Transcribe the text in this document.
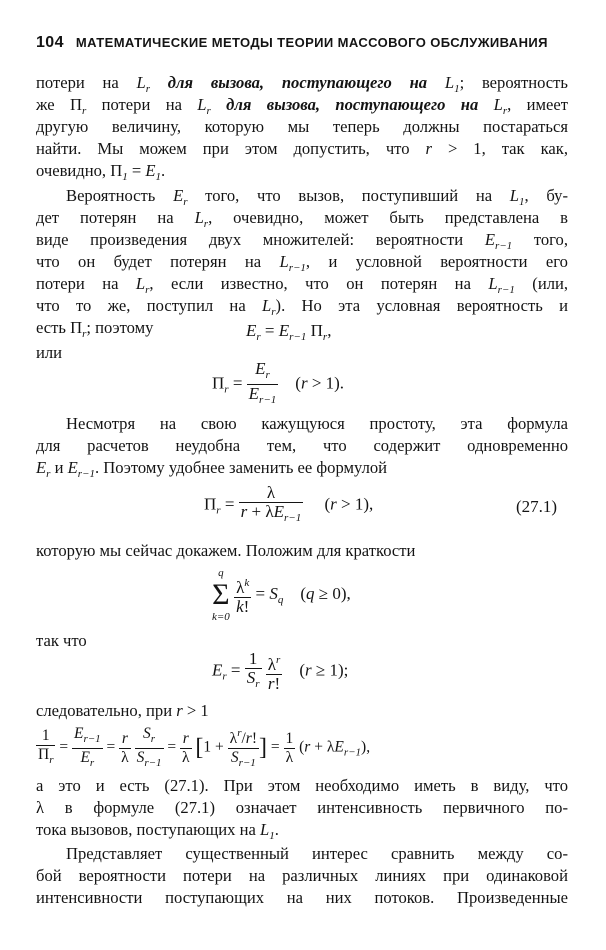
104 МАТЕМАТИЧЕСКИЕ МЕТОДЫ ТЕОРИИ МАССОВОГО ОБСЛУЖИВАНИЯ
потери на $L_r$ для вызова, поступающего на $L_1$; вероятность
же $\Pi_r$ потери на $L_r$ для вызова, поступающего на $L_r$, имеет
другую величину, которую мы теперь должны постараться
найти. Мы можем при этом допустить, что r > 1, так как,
очевидно, $\Pi_1 = E_1$.
Вероятность $E_r$ того, что вызов, поступивший на $L_1$, бу-
дет потерян на $L_r$, очевидно, может быть представлена в
виде произведения двух множителей: вероятности $E_{r-1}$ того,
что он будет потерян на $L_{r-1}$, и условной вероятности его
потери на $L_r$, если известно, что он потерян на $L_{r-1}$ (или,
что то же, поступил на $L_r$). Но эта условная вероятность и
есть $\Pi_r$; поэтому	$E_r = E_{r-1}$ $\Pi_r$,
или
$\Pi_r = \frac{E_r}{E_{r-1}} (r > 1)$.
Несмотря на свою кажущуюся простоту, эта формула
для расчетов неудобна тем, что содержит одновременно
$E_r$ и $E_{r-1}$. Поэтому удобнее заменить ее формулой
$\Pi_r = \frac{\lambda}{r + \lambda E_{r-1}} (r > 1)$,	(27.1)
которую мы сейчас докажем. Положим для краткости
q
Σ
k=0

$\frac{\lambda^k}{k!} = S_q$    (q ≥ 0),
так что
$E_r = \frac{1}{S_r}$
$\frac{\lambda^r}{r!} (r \ge 1)$;
следовательно, при r > 1
$\frac{1}{\Pi_r} = \frac{E_{r-1}}{E_r} = \frac{r}{\lambda}$
$\frac{S_r}{S_{r-1}} = \frac{r}{\lambda} [1 + \frac{\lambda^r/r!}{S_{r-1}}$ ] = $\frac{1}{\lambda} (r + \lambda E_{r-1})$,
а это и есть (27.1). При этом необходимо иметь в виду, что
λ в формуле (27.1) означает интенсивность первичного по-
тока вызовов, поступающих на $L_1$.
Представляет существенный интерес сравнить между со-
бой вероятности потери на различных линиях при одинаковой
интенсивности поступающих на них потоков. Произведенные
